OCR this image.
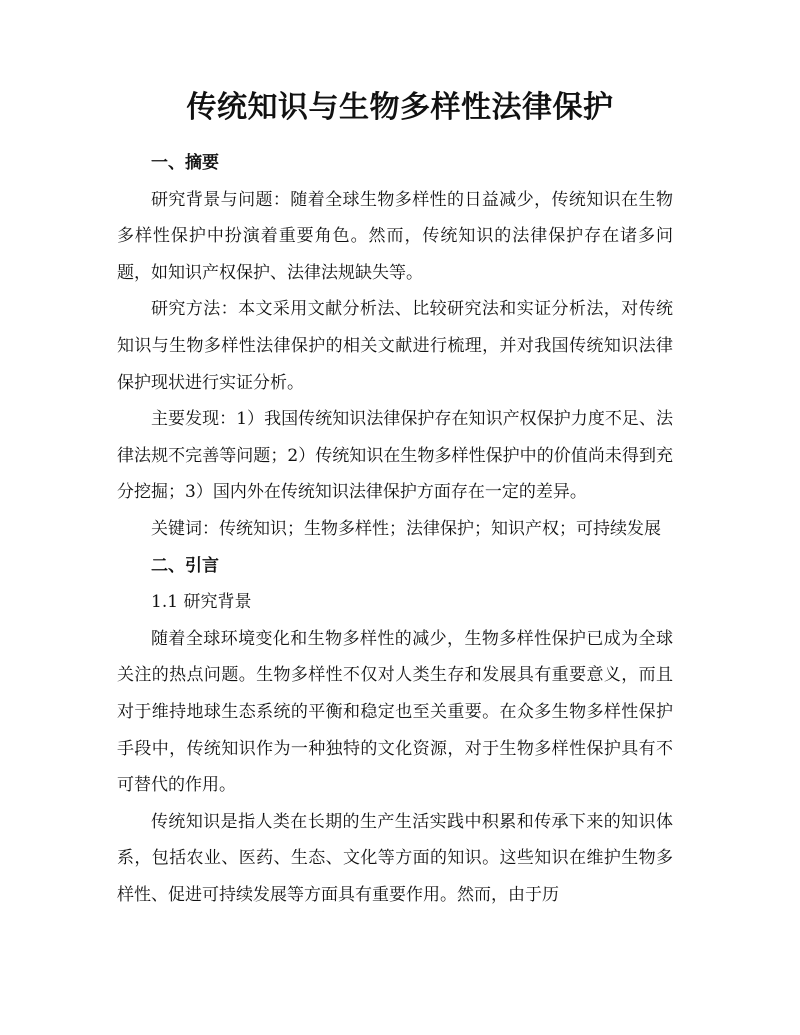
传统知识与生物多样性法律保护

一、摘要

研究背景与问题：随着全球生物多样性的日益减少，传统知识在生物多样性保护中扮演着重要角色。然而，传统知识的法律保护存在诸多问题，如知识产权保护、法律法规缺失等。

研究方法：本文采用文献分析法、比较研究法和实证分析法，对传统知识与生物多样性法律保护的相关文献进行梳理，并对我国传统知识法律保护现状进行实证分析。

主要发现：1）我国传统知识法律保护存在知识产权保护力度不足、法律法规不完善等问题；2）传统知识在生物多样性保护中的价值尚未得到充分挖掘；3）国内外在传统知识法律保护方面存在一定的差异。

关键词：传统知识；生物多样性；法律保护；知识产权；可持续发展

二、引言

1.1 研究背景

随着全球环境变化和生物多样性的减少，生物多样性保护已成为全球关注的热点问题。生物多样性不仅对人类生存和发展具有重要意义，而且对于维持地球生态系统的平衡和稳定也至关重要。在众多生物多样性保护手段中，传统知识作为一种独特的文化资源，对于生物多样性保护具有不可替代的作用。

传统知识是指人类在长期的生产生活实践中积累和传承下来的知识体系，包括农业、医药、生态、文化等方面的知识。这些知识在维护生物多样性、促进可持续发展等方面具有重要作用。然而，由于历
